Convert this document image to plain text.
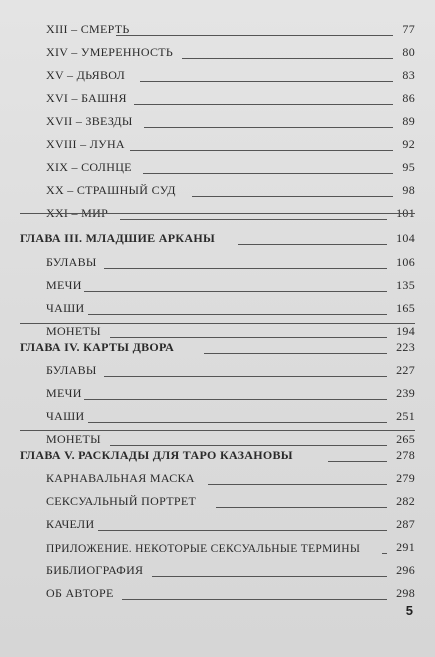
XIII – СМЕРТЬ	77
XIV – УМЕРЕННОСТЬ	80
XV – ДЬЯВОЛ	83
XVI – БАШНЯ	86
XVII – ЗВЕЗДЫ	89
XVIII – ЛУНА	92
XIX – СОЛНЦЕ	95
XX – СТРАШНЫЙ СУД	98
XXI – МИР	101
ГЛАВА III. МЛАДШИЕ АРКАНЫ	104
БУЛАВЫ	106
МЕЧИ	135
ЧАШИ	165
МОНЕТЫ	194
ГЛАВА IV. КАРТЫ ДВОРА	223
БУЛАВЫ	227
МЕЧИ	239
ЧАШИ	251
МОНЕТЫ	265
ГЛАВА V. РАСКЛАДЫ ДЛЯ ТАРО КАЗАНОВЫ	278
КАРНАВАЛЬНАЯ МАСКА	279
СЕКСУАЛЬНЫЙ ПОРТРЕТ	282
КАЧЕЛИ	287
ПРИЛОЖЕНИЕ. НЕКОТОРЫЕ СЕКСУАЛЬНЫЕ ТЕРМИНЫ	291
БИБЛИОГРАФИЯ	296
ОБ АВТОРЕ	298
5
